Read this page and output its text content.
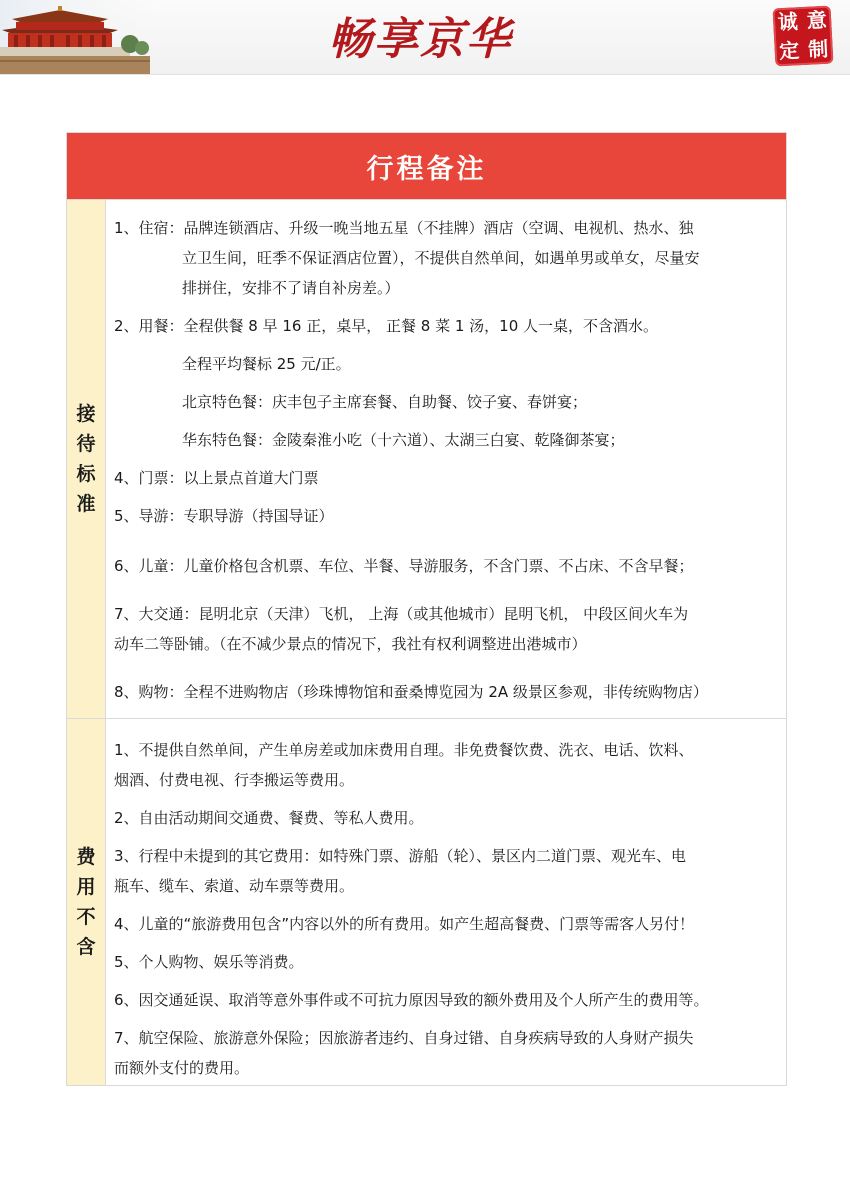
畅享京华	诚 意
定 制
行程备注
接待标准

1、住宿：品牌连锁酒店、升级一晚当地五星（不挂牌）酒店（空调、电视机、热水、独

立卫生间，旺季不保证酒店位置），不提供自然单间，如遇单男或单女，尽量安

排拼住，安排不了请自补房差。）

2、用餐：全程供餐 8 早 16 正，桌早， 正餐 8 菜 1 汤，10 人一桌，不含酒水。

全程平均餐标 25 元/正。

北京特色餐：庆丰包子主席套餐、自助餐、饺子宴、春饼宴；

华东特色餐：金陵秦淮小吃（十六道）、太湖三白宴、乾隆御茶宴；

4、门票：以上景点首道大门票

5、导游：专职导游（持国导证）

6、儿童：儿童价格包含机票、车位、半餐、导游服务，不含门票、不占床、不含早餐；

7、大交通：昆明北京（天津）飞机， 上海（或其他城市）昆明飞机， 中段区间火车为

动车二等卧铺。（在不减少景点的情况下，我社有权利调整进出港城市）

8、购物：全程不进购物店（珍珠博物馆和蚕桑博览园为 2A 级景区参观，非传统购物店）

费用不含

1、不提供自然单间，产生单房差或加床费用自理。非免费餐饮费、洗衣、电话、饮料、

烟酒、付费电视、行李搬运等费用。

2、自由活动期间交通费、餐费、等私人费用。

3、行程中未提到的其它费用：如特殊门票、游船（轮）、景区内二道门票、观光车、电

瓶车、缆车、索道、动车票等费用。

4、儿童的“旅游费用包含”内容以外的所有费用。如产生超高餐费、门票等需客人另付！

5、个人购物、娱乐等消费。

6、因交通延误、取消等意外事件或不可抗力原因导致的额外费用及个人所产生的费用等。

7、航空保险、旅游意外保险；因旅游者违约、自身过错、自身疾病导致的人身财产损失

而额外支付的费用。
